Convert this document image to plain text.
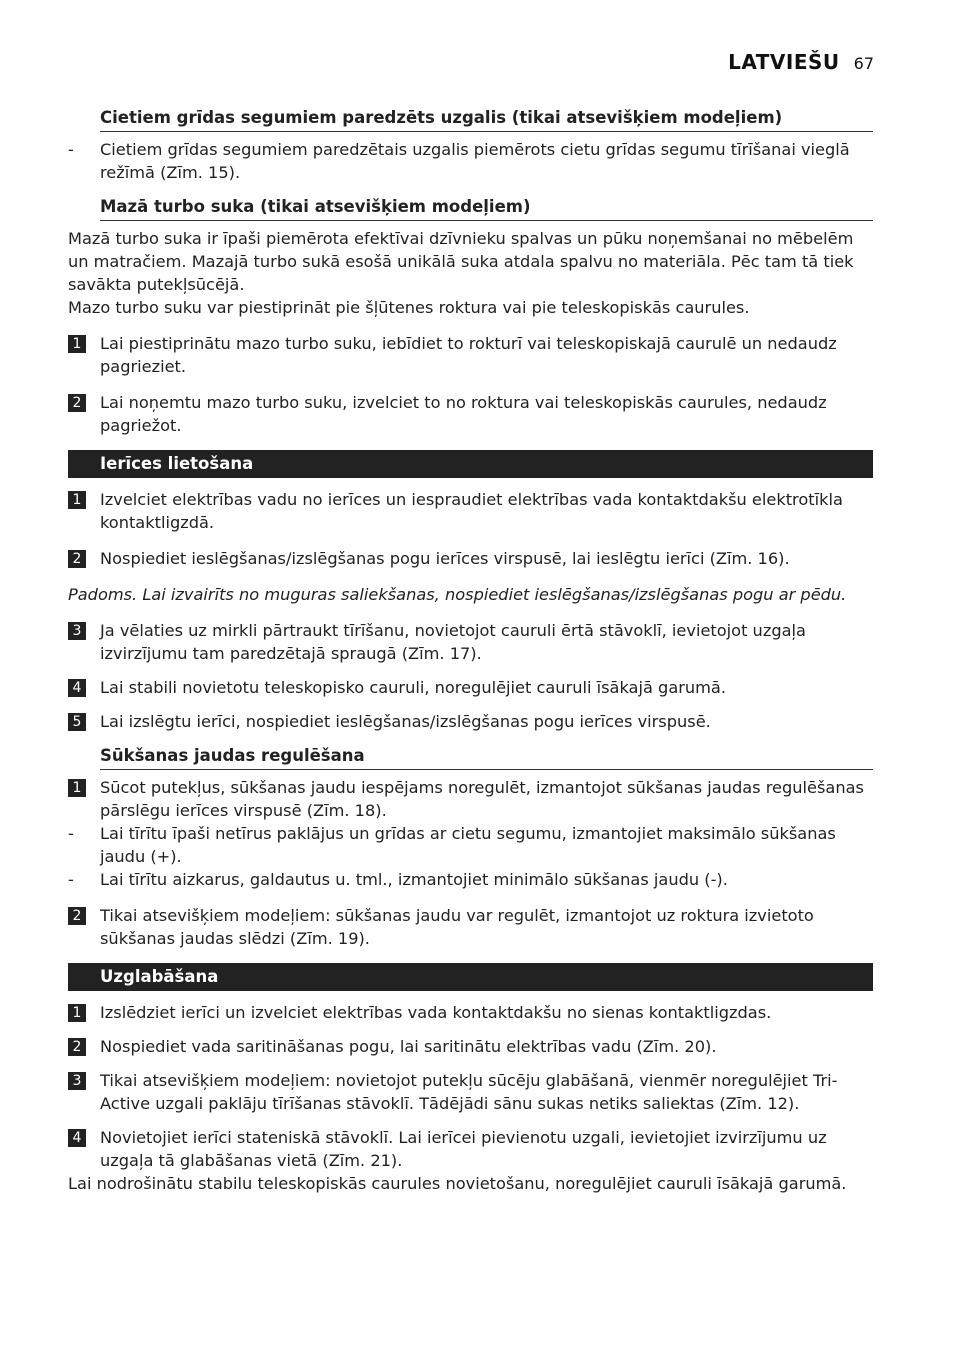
LATVIEŠU 67
Cietiem grīdas segumiem paredzēts uzgalis (tikai atsevišķiem modeļiem)
-	Cietiem grīdas segumiem paredzētais uzgalis piemērots cietu grīdas segumu tīrīšanai vieglā režīmā (Zīm. 15).
Mazā turbo suka (tikai atsevišķiem modeļiem)

Mazā turbo suka ir īpaši piemērota efektīvai dzīvnieku spalvas un pūku noņemšanai no mēbelēm un matračiem. Mazajā turbo sukā esošā unikālā suka atdala spalvu no materiāla. Pēc tam tā tiek savākta putekļsūcējā.

Mazo turbo suku var piestiprināt pie šļūtenes roktura vai pie teleskopiskās caurules.

1 Lai piestiprinātu mazo turbo suku, iebīdiet to rokturī vai teleskopiskajā caurulē un nedaudz pagrieziet.
2 Lai noņemtu mazo turbo suku, izvelciet to no roktura vai teleskopiskās caurules, nedaudz pagriežot.
Ierīces lietošana
1 Izvelciet elektrības vadu no ierīces un iespraudiet elektrības vada kontaktdakšu elektrotīkla kontaktligzdā.
2 Nospiediet ieslēgšanas/izslēgšanas pogu ierīces virspusē, lai ieslēgtu ierīci (Zīm. 16).

Padoms. Lai izvairīts no muguras saliekšanas, nospiediet ieslēgšanas/izslēgšanas pogu ar pēdu.

3 Ja vēlaties uz mirkli pārtraukt tīrīšanu, novietojot cauruli ērtā stāvoklī, ievietojot uzgaļa izvirzījumu tam paredzētajā spraugā (Zīm. 17).
4 Lai stabili novietotu teleskopisko cauruli, noregulējiet cauruli īsākajā garumā.
5 Lai izslēgtu ierīci, nospiediet ieslēgšanas/izslēgšanas pogu ierīces virspusē.
Sūkšanas jaudas regulēšana
1 Sūcot putekļus, sūkšanas jaudu iespējams noregulēt, izmantojot sūkšanas jaudas regulēšanas pārslēgu ierīces virspusē (Zīm. 18).
-	Lai tīrītu īpaši netīrus paklājus un grīdas ar cietu segumu, izmantojiet maksimālo sūkšanas jaudu (+).
-	Lai tīrītu aizkarus, galdautus u. tml., izmantojiet minimālo sūkšanas jaudu (-).
2 Tikai atsevišķiem modeļiem: sūkšanas jaudu var regulēt, izmantojot uz roktura izvietoto sūkšanas jaudas slēdzi (Zīm. 19).
Uzglabāšana
1 Izslēdziet ierīci un izvelciet elektrības vada kontaktdakšu no sienas kontaktligzdas.
2 Nospiediet vada saritināšanas pogu, lai saritinātu elektrības vadu (Zīm. 20).
3 Tikai atsevišķiem modeļiem: novietojot putekļu sūcēju glabāšanā, vienmēr noregulējiet Tri-Active uzgali paklāju tīrīšanas stāvoklī. Tādējādi sānu sukas netiks saliektas (Zīm. 12).
4 Novietojiet ierīci stateniskā stāvoklī. Lai ierīcei pievienotu uzgali, ievietojiet izvirzījumu uz uzgaļa tā glabāšanas vietā (Zīm. 21).

Lai nodrošinātu stabilu teleskopiskās caurules novietošanu, noregulējiet cauruli īsākajā garumā.
